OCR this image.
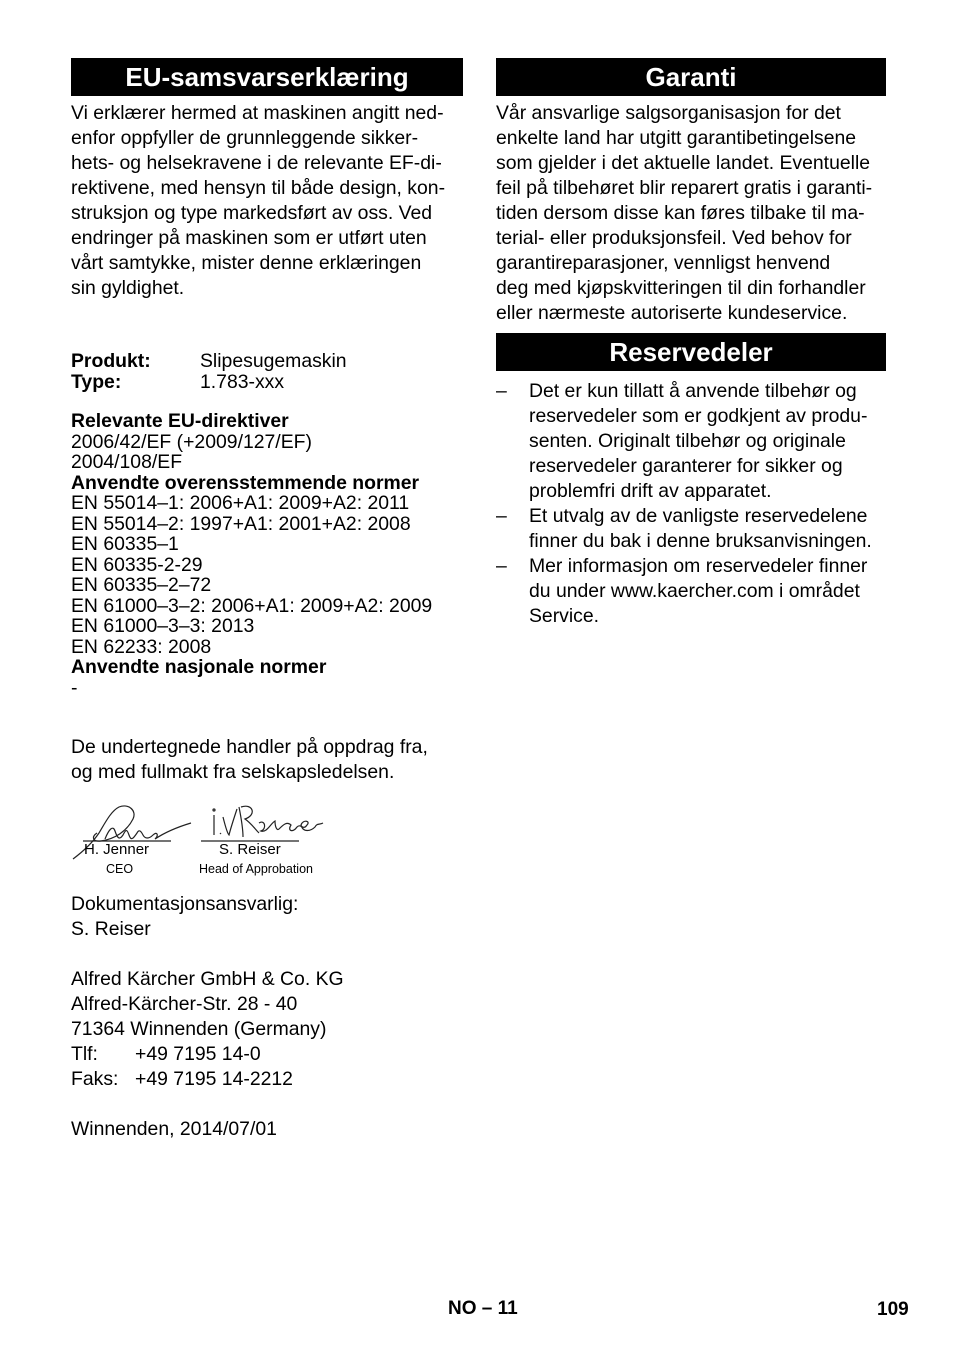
EU-samsvarserklæring
Vi erklærer hermed at maskinen angitt ned-
enfor oppfyller de grunnleggende sikker-
hets- og helsekravene i de relevante EF-di-
rektivene, med hensyn til både design, kon-
struksjon og type markedsført av oss. Ved
endringer på maskinen som er utført uten
vårt samtykke, mister denne erklæringen
sin gyldighet.
Produkt:	Slipesugemaskin
Type:	1.783-xxx
Relevante EU-direktiver
2006/42/EF (+2009/127/EF)
2004/108/EF
Anvendte overensstemmende normer
EN 55014–1: 2006+A1: 2009+A2: 2011
EN 55014–2: 1997+A1: 2001+A2: 2008
EN 60335–1
EN 60335-2-29
EN 60335–2–72
EN 61000–3–2: 2006+A1: 2009+A2: 2009
EN 61000–3–3: 2013
EN 62233: 2008
Anvendte nasjonale normer
-
De undertegnede handler på oppdrag fra,
og med fullmakt fra selskapsledelsen.
H. Jenner
CEO
S. Reiser
Head of Approbation
Dokumentasjonsansvarlig:
S. Reiser
Alfred Kärcher GmbH & Co. KG
Alfred-Kärcher-Str. 28 - 40
71364 Winnenden (Germany)
Tlf: +49 7195 14-0
Faks: +49 7195 14-2212
Winnenden, 2014/07/01
Garanti
Vår ansvarlige salgsorganisasjon for det
enkelte land har utgitt garantibetingelsene
som gjelder i det aktuelle landet. Eventuelle
feil på tilbehøret blir reparert gratis i garanti-
tiden dersom disse kan føres tilbake til ma-
terial- eller produksjonsfeil. Ved behov for
garantireparasjoner, vennligst henvend
deg med kjøpskvitteringen til din forhandler
eller nærmeste autoriserte kundeservice.
Reservedeler
– Det er kun tillatt å anvende tilbehør og
reservedeler som er godkjent av produ-
senten. Originalt tilbehør og originale
reservedeler garanterer for sikker og
problemfri drift av apparatet.
– Et utvalg av de vanligste reservedelene
finner du bak i denne bruksanvisningen.
– Mer informasjon om reservedeler finner
du under www.kaercher.com i området
Service.
NO – 11	109
